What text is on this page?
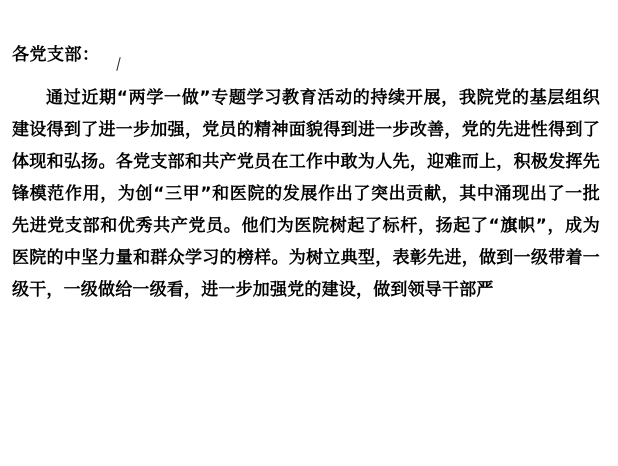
各党支部：

通过近期“两学一做”专题学习教育活动的持续开展，我院党的基层组织建设得到了进一步加强，党员的精神面貌得到进一步改善，党的先进性得到了体现和弘扬。各党支部和共产党员在工作中敢为人先，迎难而上，积极发挥先锋模范作用，为创“三甲”和医院的发展作出了突出贡献，其中涌现出了一批先进党支部和优秀共产党员。他们为医院树起了标杆，扬起了“旗帜”，成为医院的中坚力量和群众学习的榜样。为树立典型，表彰先进，做到一级带着一级干，一级做给一级看，进一步加强党的建设，做到领导干部严
